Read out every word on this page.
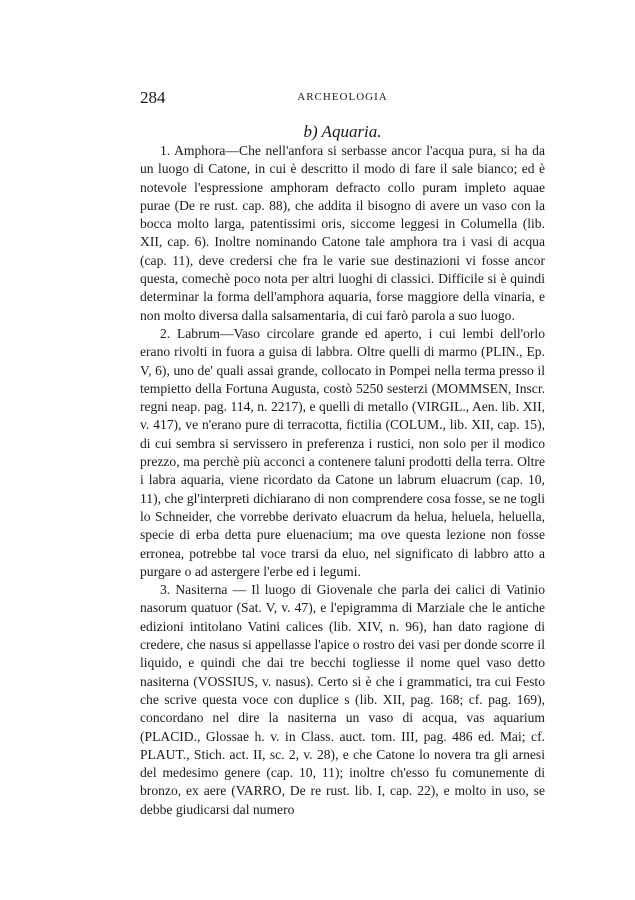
284	ARCHEOLOGIA
b) Aquaria.

1. Amphora—Che nell'anfora si serbasse ancor l'acqua pura, si ha da un luogo di Catone, in cui è descritto il modo di fare il sale bianco; ed è notevole l'espressione amphoram defracto collo puram impleto aquae purae (De re rust. cap. 88), che addita il bisogno di avere un vaso con la bocca molto larga, patentissimi oris, siccome leggesi in Columella (lib. XII, cap. 6). Inoltre nominando Catone tale amphora tra i vasi di acqua (cap. 11), deve credersi che fra le varie sue destinazioni vi fosse ancor questa, comechè poco nota per altri luoghi di classici. Difficile si è quindi determinar la forma dell'amphora aquaria, forse maggiore della vinaria, e non molto diversa dalla salsamentaria, di cui farò parola a suo luogo.

2. Labrum—Vaso circolare grande ed aperto, i cui lembi dell'orlo erano rivolti in fuora a guisa di labbra. Oltre quelli di marmo (PLIN., Ep. V, 6), uno de' quali assai grande, collocato in Pompei nella terma presso il tempietto della Fortuna Augusta, costò 5250 sesterzi (MOMMSEN, Inscr. regni neap. pag. 114, n. 2217), e quelli di metallo (VIRGIL., Aen. lib. XII, v. 417), ve n'erano pure di terracotta, fictilia (COLUM., lib. XII, cap. 15), di cui sembra si servissero in preferenza i rustici, non solo per il modico prezzo, ma perchè più acconci a contenere taluni prodotti della terra. Oltre i labra aquaria, viene ricordato da Catone un labrum eluacrum (cap. 10, 11), che gl'interpreti dichiarano di non comprendere cosa fosse, se ne togli lo Schneider, che vorrebbe derivato eluacrum da helua, heluela, heluella, specie di erba detta pure eluenacium; ma ove questa lezione non fosse erronea, potrebbe tal voce trarsi da eluo, nel significato di labbro atto a purgare o ad astergere l'erbe ed i legumi.

3. Nasiterna — Il luogo di Giovenale che parla dei calici di Vatinio nasorum quatuor (Sat. V, v. 47), e l'epigramma di Marziale che le antiche edizioni intitolano Vatini calices (lib. XIV, n. 96), han dato ragione di credere, che nasus si appellasse l'apice o rostro dei vasi per donde scorre il liquido, e quindi che dai tre becchi togliesse il nome quel vaso detto nasiterna (VOSSIUS, v. nasus). Certo si è che i grammatici, tra cui Festo che scrive questa voce con duplice s (lib. XII, pag. 168; cf. pag. 169), concordano nel dire la nasiterna un vaso di acqua, vas aquarium (PLACID., Glossae h. v. in Class. auct. tom. III, pag. 486 ed. Mai; cf. PLAUT., Stich. act. II, sc. 2, v. 28), e che Catone lo novera tra gli arnesi del medesimo genere (cap. 10, 11); inoltre ch'esso fu comunemente di bronzo, ex aere (VARRO, De re rust. lib. I, cap. 22), e molto in uso, se debbe giudicarsi dal numero
